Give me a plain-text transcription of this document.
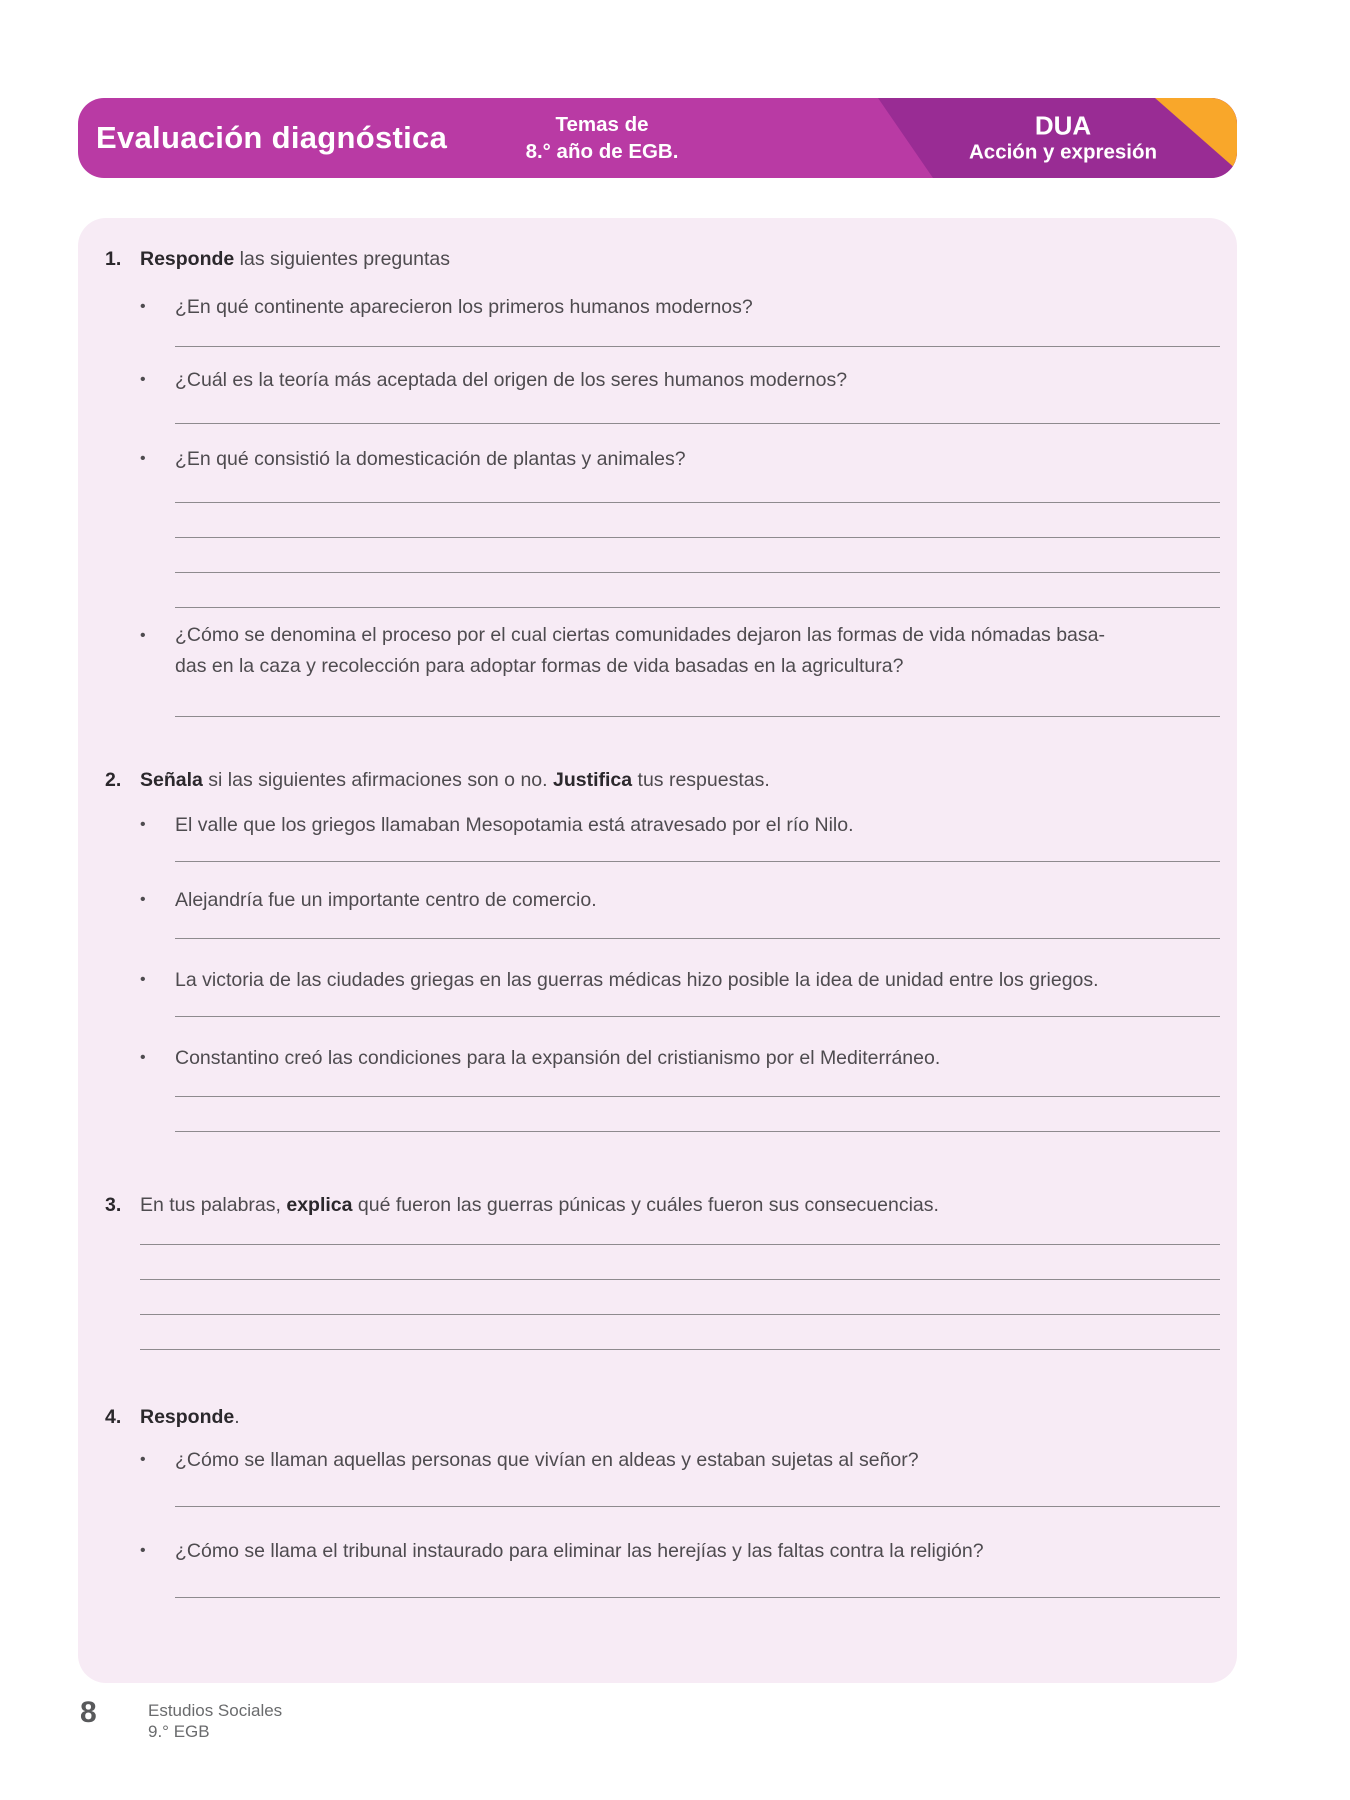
Evaluación diagnóstica	Temas de
8.° año de EGB.
DUA
Acción y expresión
1. Responde las siguientes preguntas
•	¿En qué continente aparecieron los primeros humanos modernos?
•	¿Cuál es la teoría más aceptada del origen de los seres humanos modernos?
•	¿En qué consistió la domesticación de plantas y animales?
•	¿Cómo se denomina el proceso por el cual ciertas comunidades dejaron las formas de vida nómadas basa-
das en la caza y recolección para adoptar formas de vida basadas en la agricultura?
2. Señala si las siguientes afirmaciones son o no. Justifica tus respuestas.
•	El valle que los griegos llamaban Mesopotamia está atravesado por el río Nilo.
•	Alejandría fue un importante centro de comercio.
•	La victoria de las ciudades griegas en las guerras médicas hizo posible la idea de unidad entre los griegos.
•	Constantino creó las condiciones para la expansión del cristianismo por el Mediterráneo.
3. En tus palabras, explica qué fueron las guerras púnicas y cuáles fueron sus consecuencias.
4. Responde.
•	¿Cómo se llaman aquellas personas que vivían en aldeas y estaban sujetas al señor?
•	¿Cómo se llama el tribunal instaurado para eliminar las herejías y las faltas contra la religión?
8	Estudios Sociales
9.° EGB
